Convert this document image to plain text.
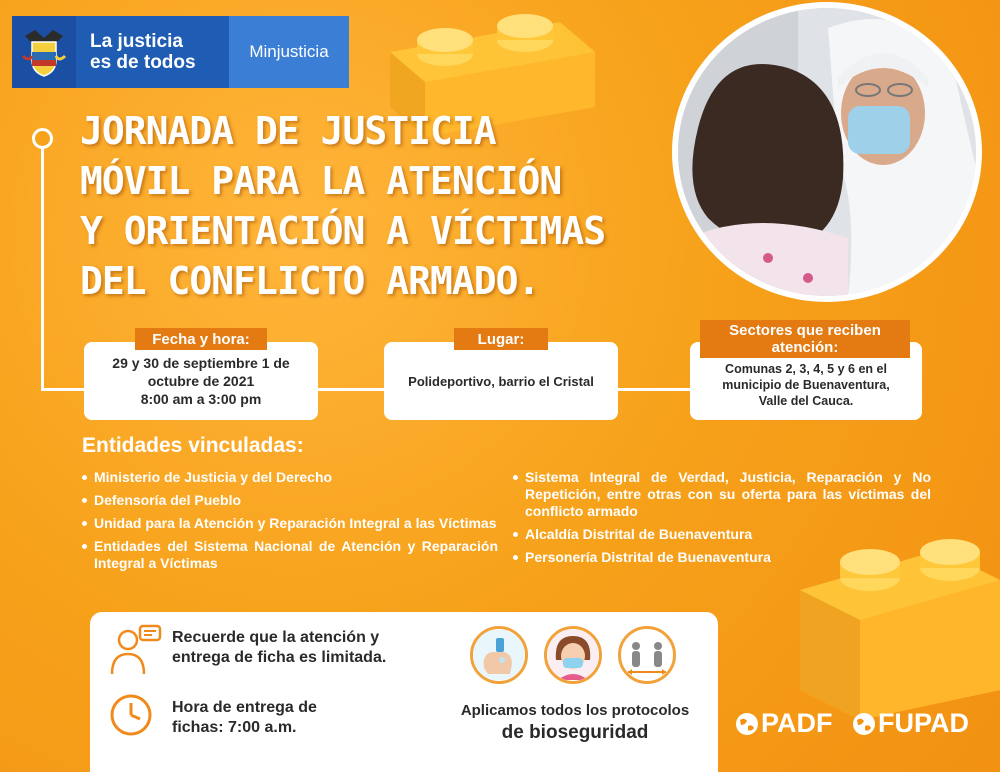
La justicia
es de todos
Minjusticia
JORNADA DE JUSTICIA
MÓVIL PARA LA ATENCIÓN
Y ORIENTACIÓN A VÍCTIMAS
DEL CONFLICTO ARMADO.
29 y 30 de septiembre 1 de
octubre de 2021
8:00 am a 3:00 pm
Fecha y hora:
Polideportivo, barrio el Cristal
Lugar:
Comunas 2, 3, 4, 5 y 6 en el
municipio de Buenaventura,
Valle del Cauca.
Sectores que reciben
atención:
Entidades vinculadas:
Ministerio de Justicia y del Derecho
Defensoría del Pueblo
Unidad para la Atención y Reparación Integral a las Víctimas
Entidades del Sistema Nacional de Atención y Reparación Integral a Víctimas
Sistema Integral de Verdad, Justicia, Reparación y No Repetición, entre otras con su oferta para las víctimas del conflicto armado
Alcaldía Distrital de Buenaventura
Personería Distrital de Buenaventura
Recuerde que la atención y
entrega de ficha es limitada.
Hora de entrega de
fichas: 7:00 a.m.
Aplicamos todos los protocolos
de bioseguridad	PADF FUPAD
